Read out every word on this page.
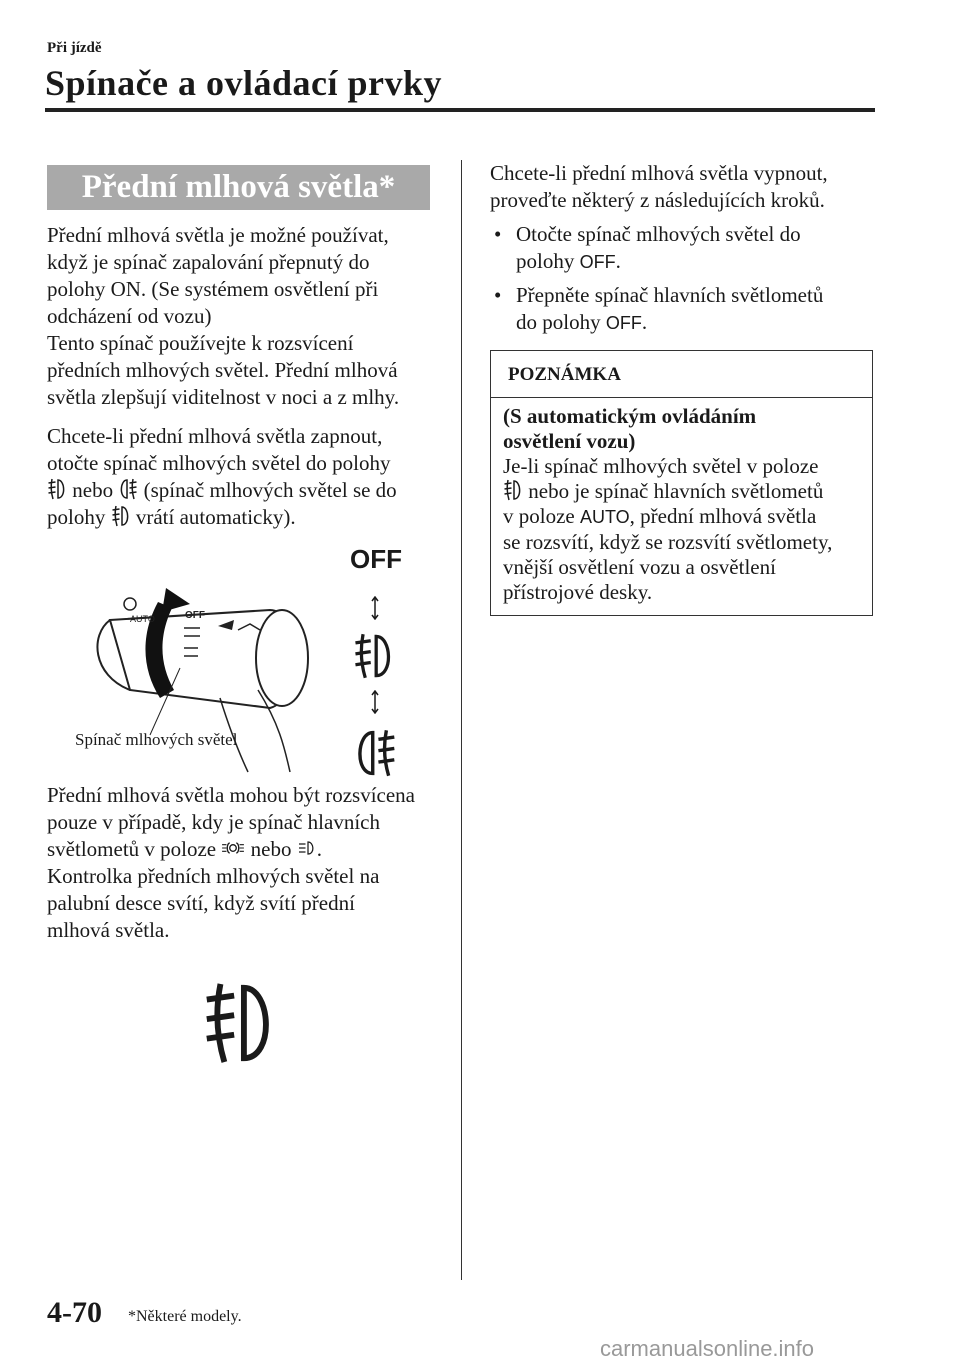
Při jízdě
Spínače a ovládací prvky
Přední mlhová světla*
Přední mlhová světla je možné používat,
když je spínač zapalování přepnutý do
polohy ON. (Se systémem osvětlení při
odcházení od vozu)
Tento spínač používejte k rozsvícení
předních mlhových světel. Přední mlhová
světla zlepšují viditelnost v noci a z mlhy.
Chcete-li přední mlhová světla zapnout,
otočte spínač mlhových světel do polohy
nebo (spínač mlhových světel se do
polohy vrátí automaticky).
OFF
AUTO
Spínač mlhových světel
OFF
Přední mlhová světla mohou být rozsvícena
pouze v případě, kdy je spínač hlavních
světlometů v poloze nebo .
Kontrolka předních mlhových světel na
palubní desce svítí, když svítí přední
mlhová světla.
Chcete-li přední mlhová světla vypnout,
proveďte některý z následujících kroků.
• Otočte spínač mlhových světel do
polohy OFF.
• Přepněte spínač hlavních světlometů
do polohy OFF.
POZNÁMKA
(S automatickým ovládáním
osvětlení vozu)
Je-li spínač mlhových světel v poloze
nebo je spínač hlavních světlometů
v poloze AUTO, přední mlhová světla
se rozsvítí, když se rozsvítí světlomety,
vnější osvětlení vozu a osvětlení
přístrojové desky.
4-70 *Některé modely.
carmanualsonline.info
